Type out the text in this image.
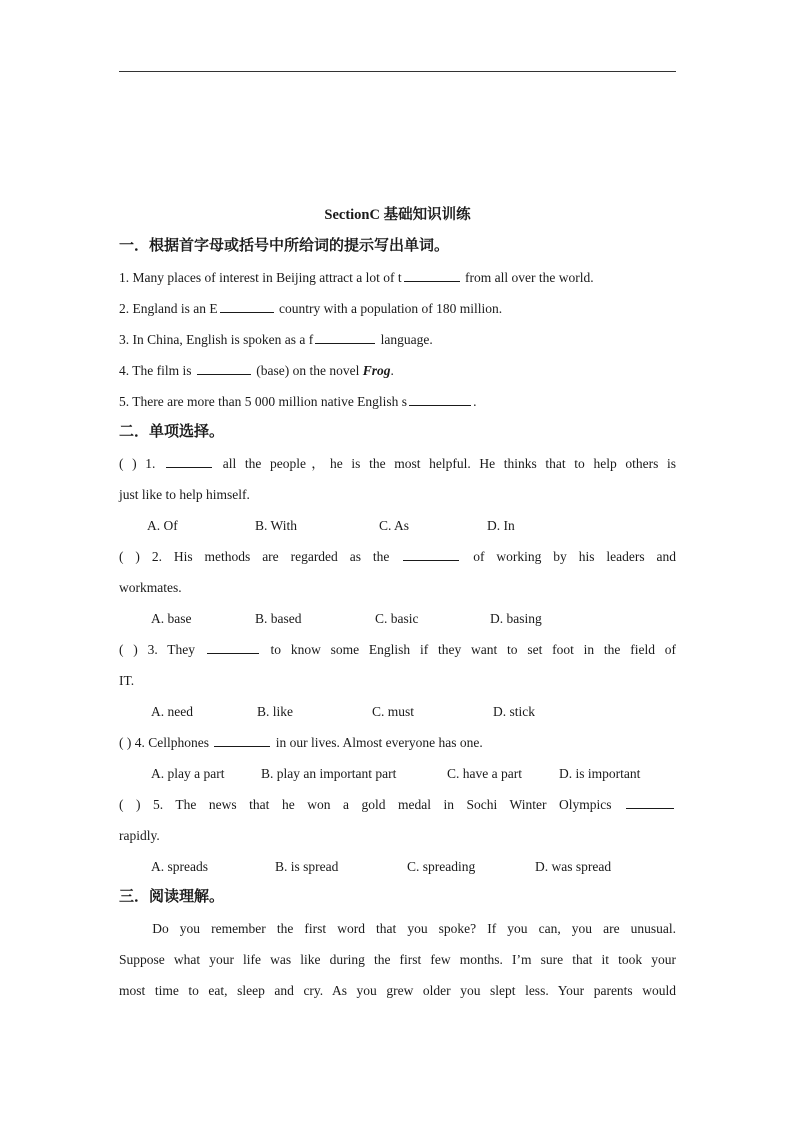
SectionC 基础知识训练
一．根据首字母或括号中所给词的提示写出单词。
1. Many places of interest in Beijing attract a lot of t	from all over the world.
2. England is an E	country with a population of 180 million.
3. In China, English is spoken as a f	language.
4. The film is	(base) on the novel Frog.
5. There are more than 5 000 million native English s	.
二．单项选择。
( ) 1.	all the people，he is the most helpful. He thinks that to help others is
just like to help himself.
A. Of	B. With	C. As	D. In
( ) 2. His methods are regarded as the	of working by his leaders and
workmates.
A. base	B. based	C. basic	D. basing
( ) 3. They	to know some English if they want to set foot in the field of
IT.
A. need	B. like	C. must	D. stick
( ) 4. Cellphones	in our lives. Almost everyone has one.
A. play a part	B. play an important part	C. have a part	D. is important
( ) 5. The news that he won a gold medal in Sochi Winter Olympics
rapidly.
A. spreads	B. is spread	C. spreading	D. was spread
三．阅读理解。
Do you remember the first word that you spoke? If you can, you are unusual.
Suppose what your life was like during the first few months. I’m sure that it took your
most time to eat, sleep and cry. As you grew older you slept less. Your parents would
